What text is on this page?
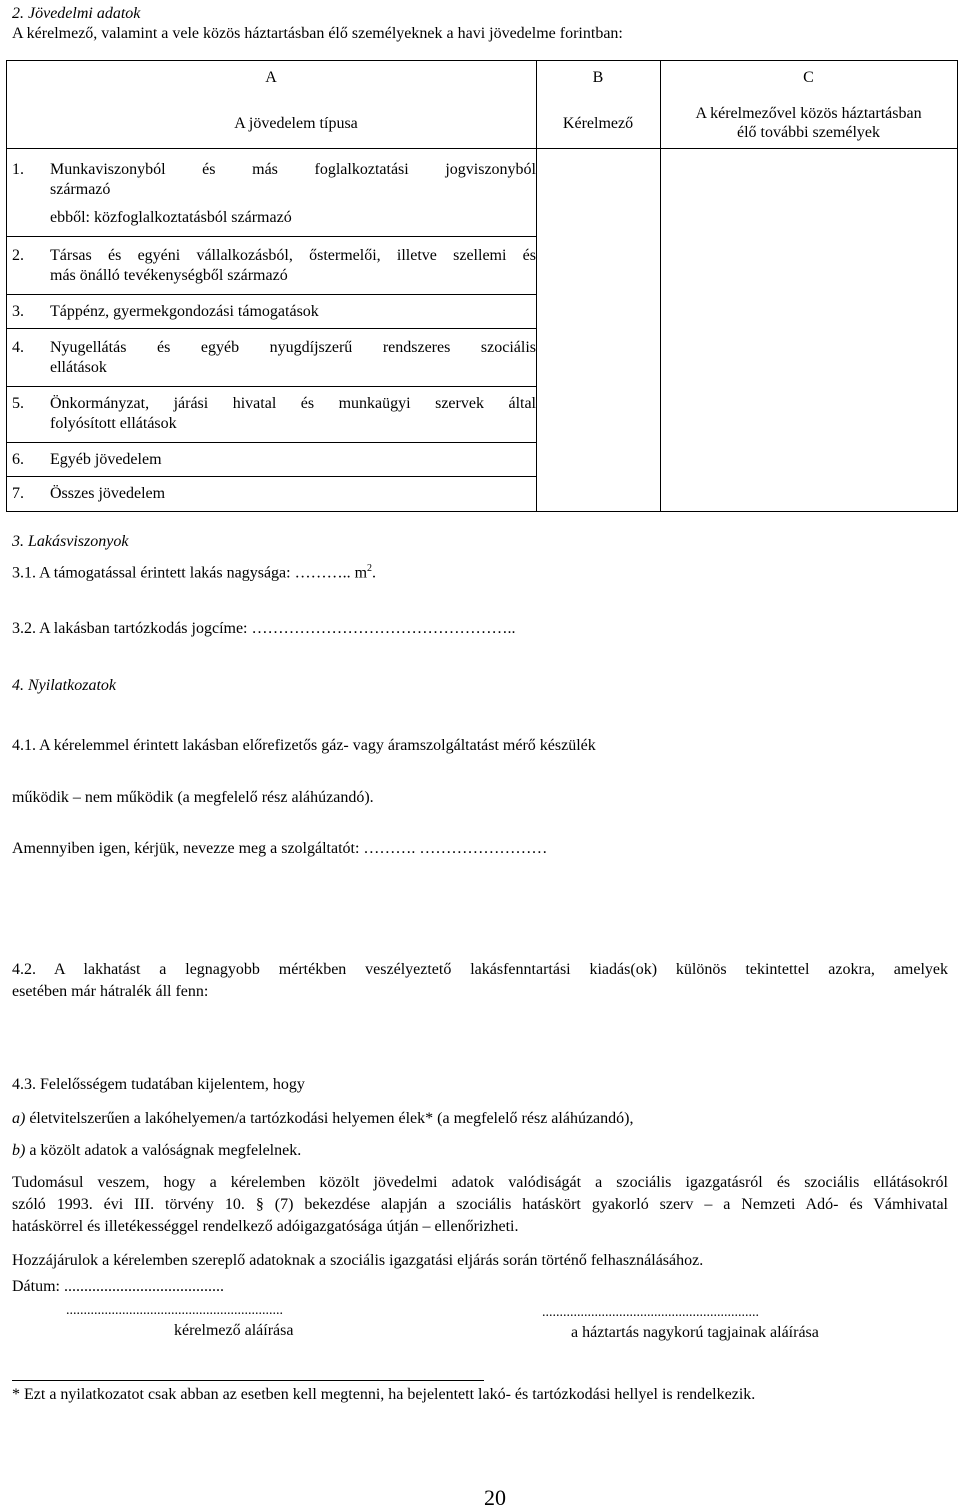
2. Jövedelmi adatok
A kérelmező, valamint a vele közös háztartásban élő személyeknek a havi jövedelme forintban:
A	B	C
A jövedelem típusa	Kérelmező
A kérelmezővel közös háztartásban
élő további személyek
1. Munkaviszonyból és más foglalkoztatási jogviszonyból
származó
ebből: közfoglalkoztatásból származó
2. Társas és egyéni vállalkozásból, őstermelői, illetve szellemi és
más önálló tevékenységből származó
3. Táppénz, gyermekgondozási támogatások
4. Nyugellátás és egyéb nyugdíjszerű rendszeres szociális
ellátások
5. Önkormányzat, járási hivatal és munkaügyi szervek által
folyósított ellátások
6. Egyéb jövedelem
7. Összes jövedelem
3. Lakásviszonyok
3.1. A támogatással érintett lakás nagysága: ……….. $m^2$.
3.2. A lakásban tartózkodás jogcíme: …………………………………………..
4. Nyilatkozatok
4.1. A kérelemmel érintett lakásban előrefizetős gáz- vagy áramszolgáltatást mérő készülék
működik – nem működik (a megfelelő rész aláhúzandó).
Amennyiben igen, kérjük, nevezze meg a szolgáltatót: ………. ……………………
4.2. A lakhatást a legnagyobb mértékben veszélyeztető lakásfenntartási kiadás(ok) különös tekintettel azokra, amelyek
esetében már hátralék áll fenn:
4.3. Felelősségem tudatában kijelentem, hogy
a) életvitelszerűen a lakóhelyemen/a tartózkodási helyemen élek* (a megfelelő rész aláhúzandó),
b) a közölt adatok a valóságnak megfelelnek.
Tudomásul veszem, hogy a kérelemben közölt jövedelmi adatok valódiságát a szociális igazgatásról és szociális ellátásokról
szóló 1993. évi III. törvény 10. § (7) bekezdése alapján a szociális hatáskört gyakorló szerv – a Nemzeti Adó- és Vámhivatal
hatáskörrel és illetékességgel rendelkező adóigazgatósága útján – ellenőrizheti.
Hozzájárulok a kérelemben szereplő adatoknak a szociális igazgatási eljárás során történő felhasználásához.
Dátum: ........................................
..............................................................
kérelmező aláírása
..............................................................
a háztartás nagykorú tagjainak aláírása
* Ezt a nyilatkozatot csak abban az esetben kell megtenni, ha bejelentett lakó- és tartózkodási hellyel is rendelkezik.
20
